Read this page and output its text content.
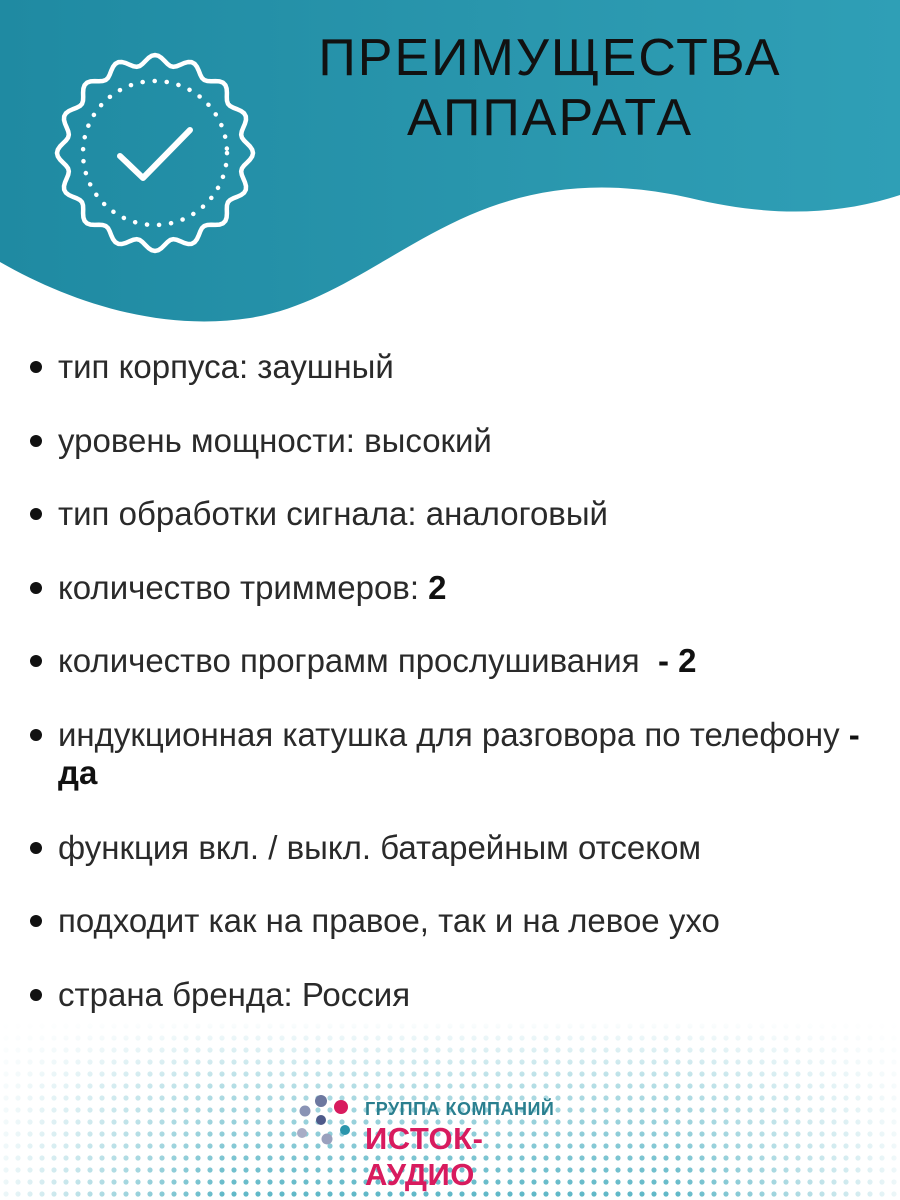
ПРЕИМУЩЕСТВА
АППАРАТА
тип корпуса: заушный
уровень мощности: высокий
тип обработки сигнала: аналоговый
количество триммеров: 2
количество программ прослушивания  - 2
индукционная катушка для разговора по телефону - да
функция вкл. / выкл. батарейным отсеком
подходит как на правое, так и на левое ухо
страна бренда: Россия
ГРУППА КОМПАНИЙ
ИСТОК-АУДИО
